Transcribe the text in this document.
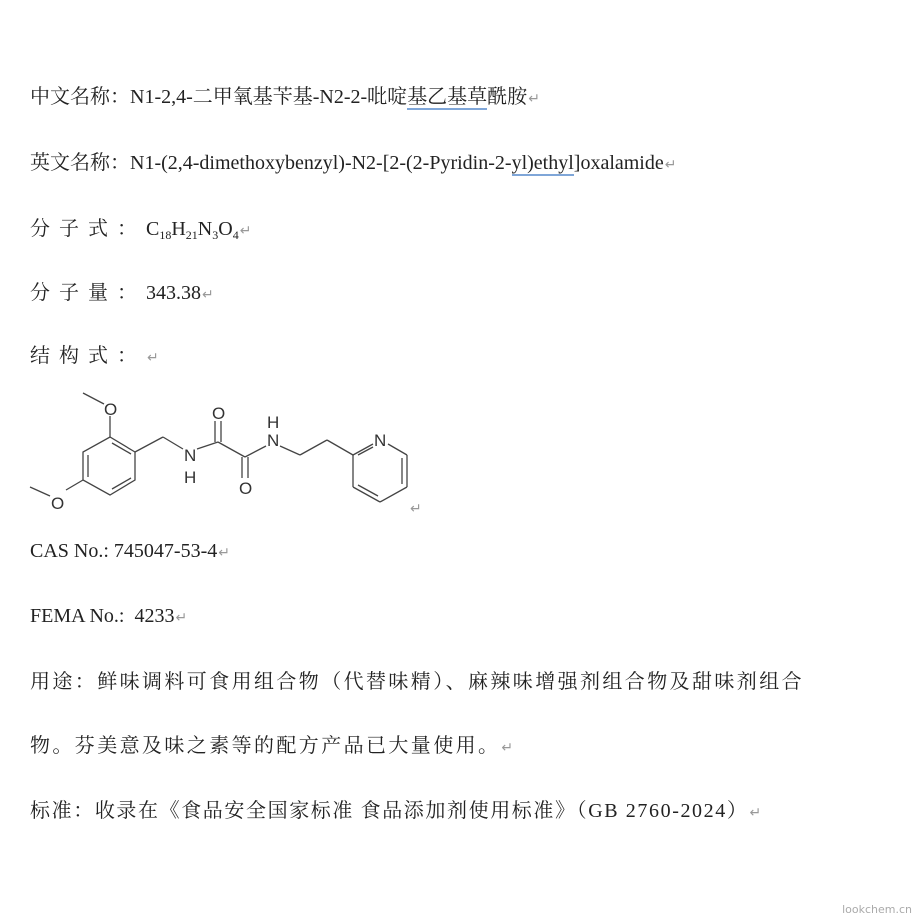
中文名称：N1-2,4-二甲氧基苄基-N2-2-吡啶基乙基草酰胺↵
英文名称：N1-(2,4-dimethoxybenzyl)-N2-[2-(2-Pyridin-2-yl)ethyl]oxalamide↵
分子式：$C_{18}H_{21}N_3O_4↵$
分子量：343.38↵
结构式：↵
O
O
N
H
O
O
N
H
N
↵
CAS No.: 745047-53-4↵
FEMA No.:  4233↵
用途：鲜味调料可食用组合物（代替味精）、麻辣味增强剂组合物及甜味剂组合
物。芬美意及味之素等的配方产品已大量使用。↵
标准：收录在《食品安全国家标准 食品添加剂使用标准》（GB 2760-2024）↵
lookchem.cn
